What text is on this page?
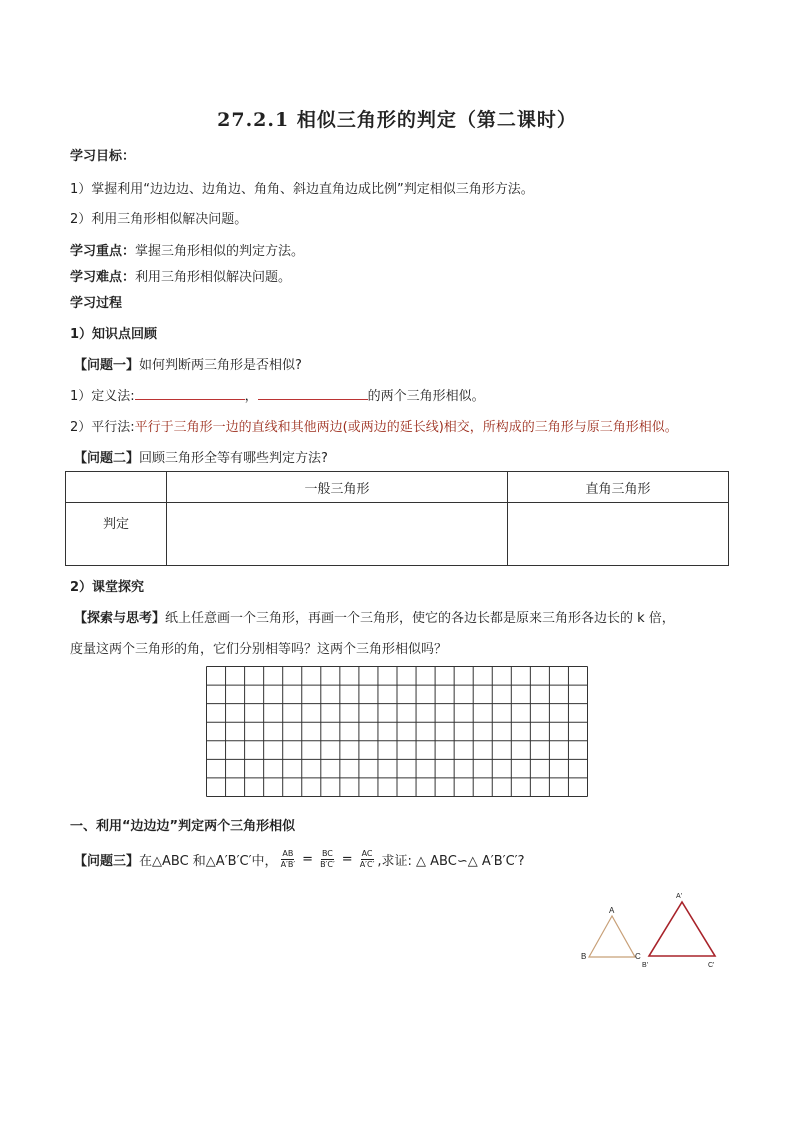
27.2.1 相似三角形的判定（第二课时）
学习目标：
1）掌握利用“边边边、边角边、角角、斜边直角边成比例”判定相似三角形方法。
2）利用三角形相似解决问题。
学习重点：掌握三角形相似的判定方法。
学习难点：利用三角形相似解决问题。
学习过程
1）知识点回顾
【问题一】如何判断两三角形是否相似?
1）定义法:	，	的两个三角形相似。
2）平行法:平行于三角形一边的直线和其他两边(或两边的延长线)相交，所构成的三角形与原三角形相似。
【问题二】回顾三角形全等有哪些判定方法?
	一般三角形	直角三角形
判定		
2）课堂探究
【探索与思考】纸上任意画一个三角形，再画一个三角形，使它的各边长都是原来三角形各边长的 k 倍，
度量这两个三角形的角，它们分别相等吗？这两个三角形相似吗？
一、利用“边边边”判定两个三角形相似
【问题三】 在△ABC 和△A′B′C′中， $\frac{AB}{A'B'} = \frac{BC}{B'C'} = \frac{AC}{A'C'}$ ,求证: △ ABC∽△ A′B′C′?
A
B	C
A'
B'	C'
